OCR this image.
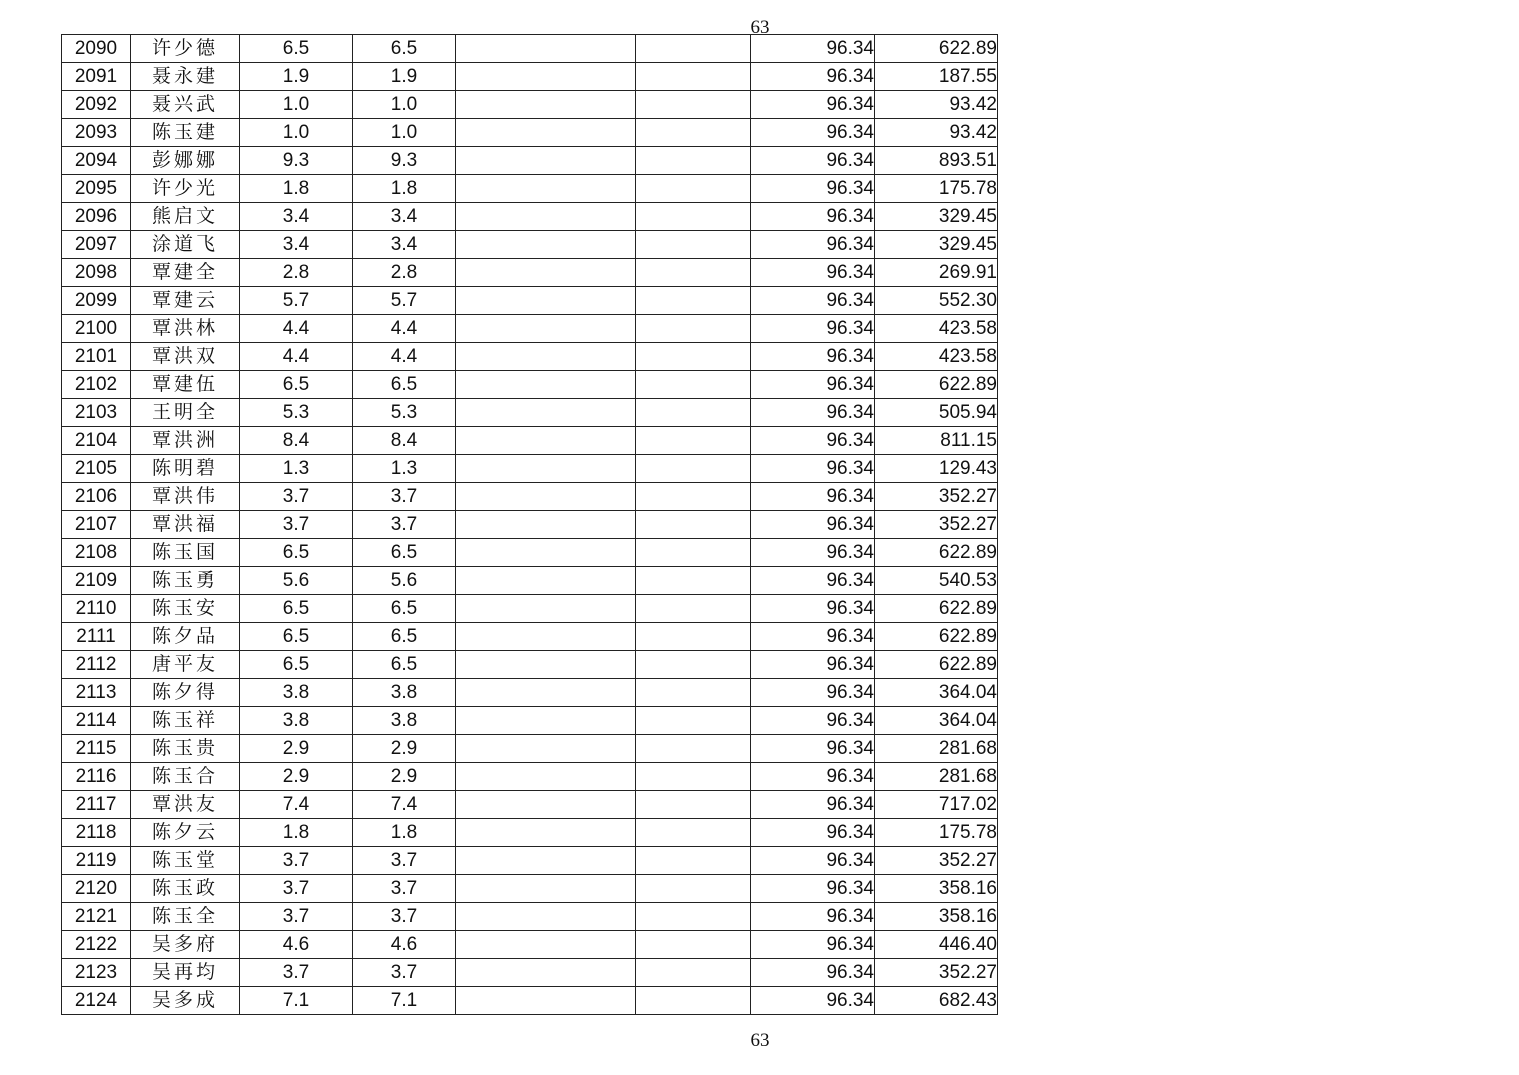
63
2090	许少德	6.5	6.5			96.34	622.89
2091	聂永建	1.9	1.9			96.34	187.55
2092	聂兴武	1.0	1.0			96.34	93.42
2093	陈玉建	1.0	1.0			96.34	93.42
2094	彭娜娜	9.3	9.3			96.34	893.51
2095	许少光	1.8	1.8			96.34	175.78
2096	熊启文	3.4	3.4			96.34	329.45
2097	涂道飞	3.4	3.4			96.34	329.45
2098	覃建全	2.8	2.8			96.34	269.91
2099	覃建云	5.7	5.7			96.34	552.30
2100	覃洪林	4.4	4.4			96.34	423.58
2101	覃洪双	4.4	4.4			96.34	423.58
2102	覃建伍	6.5	6.5			96.34	622.89
2103	王明全	5.3	5.3			96.34	505.94
2104	覃洪洲	8.4	8.4			96.34	811.15
2105	陈明碧	1.3	1.3			96.34	129.43
2106	覃洪伟	3.7	3.7			96.34	352.27
2107	覃洪福	3.7	3.7			96.34	352.27
2108	陈玉国	6.5	6.5			96.34	622.89
2109	陈玉勇	5.6	5.6			96.34	540.53
2110	陈玉安	6.5	6.5			96.34	622.89
2111	陈夕品	6.5	6.5			96.34	622.89
2112	唐平友	6.5	6.5			96.34	622.89
2113	陈夕得	3.8	3.8			96.34	364.04
2114	陈玉祥	3.8	3.8			96.34	364.04
2115	陈玉贵	2.9	2.9			96.34	281.68
2116	陈玉合	2.9	2.9			96.34	281.68
2117	覃洪友	7.4	7.4			96.34	717.02
2118	陈夕云	1.8	1.8			96.34	175.78
2119	陈玉堂	3.7	3.7			96.34	352.27
2120	陈玉政	3.7	3.7			96.34	358.16
2121	陈玉全	3.7	3.7			96.34	358.16
2122	吴多府	4.6	4.6			96.34	446.40
2123	吴再均	3.7	3.7			96.34	352.27
2124	吴多成	7.1	7.1			96.34	682.43
63
